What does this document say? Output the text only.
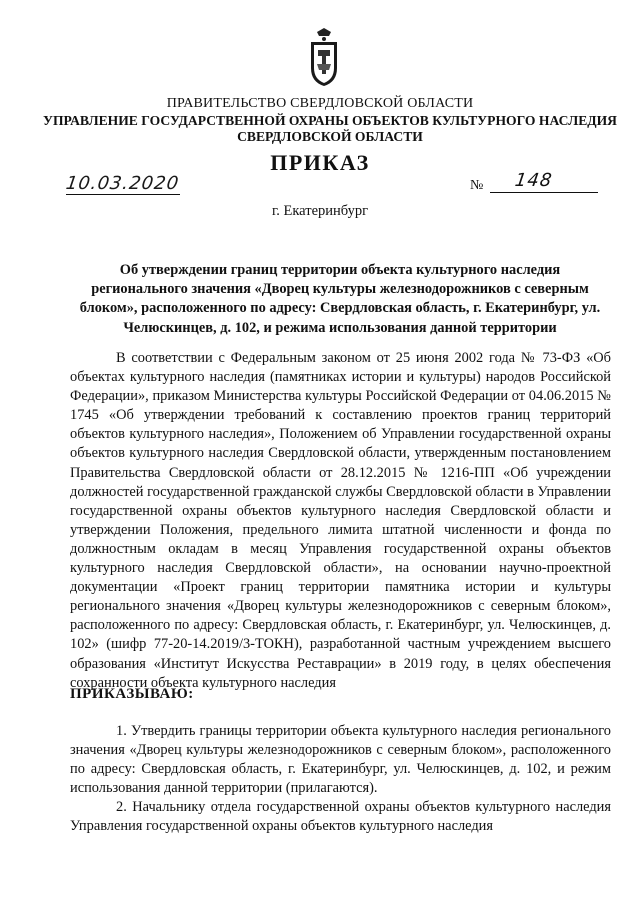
ПРАВИТЕЛЬСТВО СВЕРДЛОВСКОЙ ОБЛАСТИ
УПРАВЛЕНИЕ ГОСУДАРСТВЕННОЙ ОХРАНЫ ОБЪЕКТОВ КУЛЬТУРНОГО НАСЛЕДИЯ СВЕРДЛОВСКОЙ ОБЛАСТИ
ПРИКАЗ
10.03.2020	№ 148
г. Екатеринбург
Об утверждении границ территории объекта культурного наследия регионального значения «Дворец культуры железнодорожников с северным блоком», расположенного по адресу: Свердловская область, г. Екатеринбург, ул. Челюскинцев, д. 102, и режима использования данной территории

В соответствии с Федеральным законом от 25 июня 2002 года № 73-ФЗ «Об объектах культурного наследия (памятниках истории и культуры) народов Российской Федерации», приказом Министерства культуры Российской Федерации от 04.06.2015 № 1745 «Об утверждении требований к составлению проектов границ территорий объектов культурного наследия», Положением об Управлении государственной охраны объектов культурного наследия Свердловской области, утвержденным постановлением Правительства Свердловской области от 28.12.2015 № 1216-ПП «Об учреждении должностей государственной гражданской службы Свердловской области в Управлении государственной охраны объектов культурного наследия Свердловской области и утверждении Положения, предельного лимита штатной численности и фонда по должностным окладам в месяц Управления государственной охраны объектов культурного наследия Свердловской области», на основании научно-проектной документации «Проект границ территории памятника истории и культуры регионального значения «Дворец культуры железнодорожников с северным блоком», расположенного по адресу: Свердловская область, г. Екатеринбург, ул. Челюскинцев, д. 102» (шифр 77-20-14.2019/3-ТОКН), разработанной частным учреждением высшего образования «Институт Искусства Реставрации» в 2019 году, в целях обеспечения сохранности объекта культурного наследия

ПРИКАЗЫВАЮ:

1. Утвердить границы территории объекта культурного наследия регионального значения «Дворец культуры железнодорожников с северным блоком», расположенного по адресу: Свердловская область, г. Екатеринбург, ул. Челюскинцев, д. 102, и режим использования данной территории (прилагаются).

2. Начальнику отдела государственной охраны объектов культурного наследия Управления государственной охраны объектов культурного наследия
